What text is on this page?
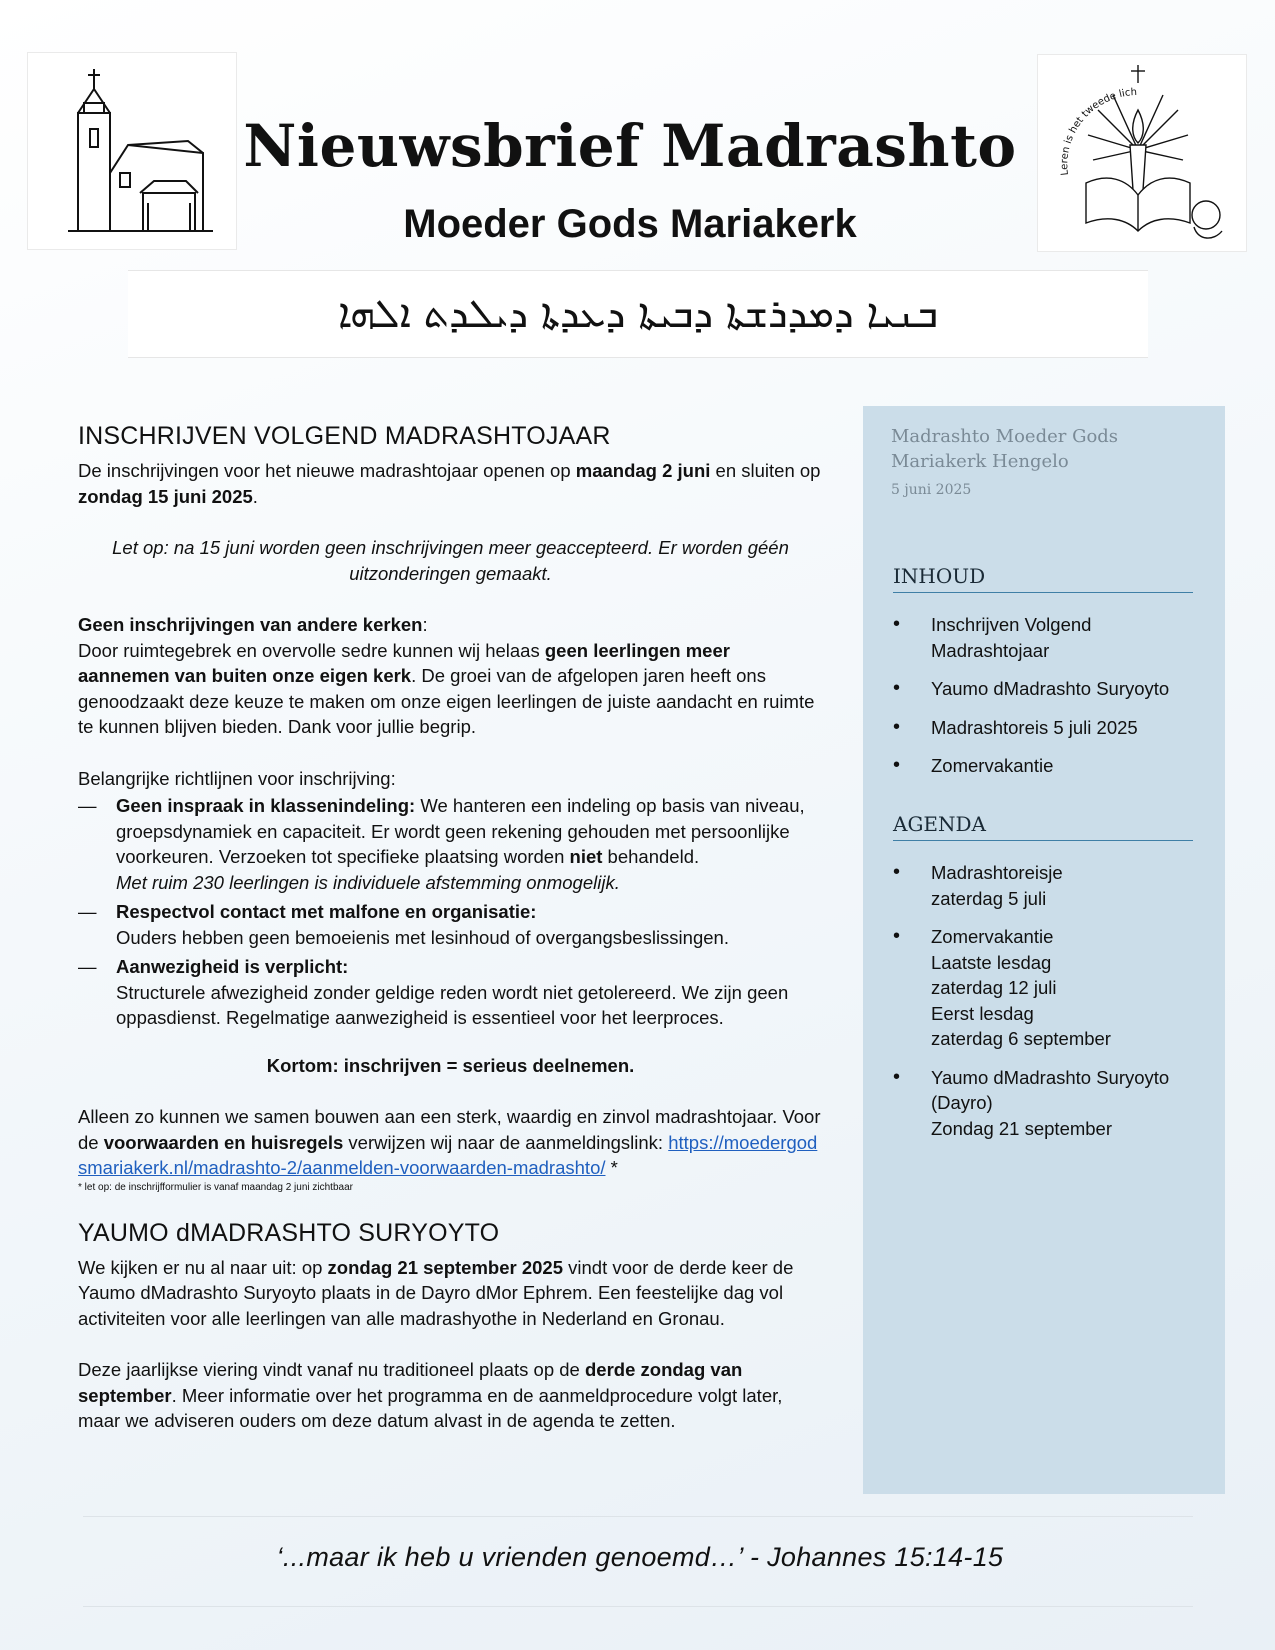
Nieuwsbrief Madrashto
Moeder Gods Mariakerk
Leren is het tweede lich
ܒܢܝܐ ܕܡܕܪܫܬܐ ܕܒܝܬܐ ܕܥܕܬܐ ܕܝܠܕܬ ܐܠܗܐ
INSCHRIJVEN VOLGEND MADRASHTOJAAR

De inschrijvingen voor het nieuwe madrashtojaar openen op maandag 2 juni en sluiten op zondag 15 juni 2025.

Let op: na 15 juni worden geen inschrijvingen meer geaccepteerd. Er worden géén uitzonderingen gemaakt.

Geen inschrijvingen van andere kerken:
Door ruimtegebrek en overvolle sedre kunnen wij helaas geen leerlingen meer aannemen van buiten onze eigen kerk. De groei van de afgelopen jaren heeft ons genoodzaakt deze keuze te maken om onze eigen leerlingen de juiste aandacht en ruimte te kunnen blijven bieden. Dank voor jullie begrip.

Belangrijke richtlijnen voor inschrijving:

— Geen inspraak in klassenindeling: We hanteren een indeling op basis van niveau, groepsdynamiek en capaciteit. Er wordt geen rekening gehouden met persoonlijke voorkeuren. Verzoeken tot specifieke plaatsing worden niet behandeld.
Met ruim 230 leerlingen is individuele afstemming onmogelijk.
— Respectvol contact met malfone en organisatie:
Ouders hebben geen bemoeienis met lesinhoud of overgangsbeslissingen.
— Aanwezigheid is verplicht:
Structurele afwezigheid zonder geldige reden wordt niet getolereerd. We zijn geen oppasdienst. Regelmatige aanwezigheid is essentieel voor het leerproces.

Kortom: inschrijven = serieus deelnemen.

Alleen zo kunnen we samen bouwen aan een sterk, waardig en zinvol madrashtojaar. Voor de voorwaarden en huisregels verwijzen wij naar de aanmeldingslink: https://moedergodsmariakerk.nl/madrashto-2/aanmelden-voorwaarden-madrashto/ *

* let op: de inschrijfformulier is vanaf maandag 2 juni zichtbaar

YAUMO dMADRASHTO SURYOYTO

We kijken er nu al naar uit: op zondag 21 september 2025 vindt voor de derde keer de Yaumo dMadrashto Suryoyto plaats in de Dayro dMor Ephrem. Een feestelijke dag vol activiteiten voor alle leerlingen van alle madrashyothe in Nederland en Gronau.

Deze jaarlijkse viering vindt vanaf nu traditioneel plaats op de derde zondag van september. Meer informatie over het programma en de aanmeldprocedure volgt later, maar we adviseren ouders om deze datum alvast in de agenda te zetten.

Madrashto Moeder Gods Mariakerk Hengelo
5 juni 2025
INHOUD
• Inschrijven Volgend Madrashtojaar
• Yaumo dMadrashto Suryoyto
• Madrashtoreis 5 juli 2025
• Zomervakantie
AGENDA
• Madrashtoreisje
zaterdag 5 juli
• Zomervakantie
Laatste lesdag
zaterdag 12 juli
Eerst lesdag
zaterdag 6 september
• Yaumo dMadrashto Suryoyto
(Dayro)
Zondag 21 september
‘...maar ik heb u vrienden genoemd…’ - Johannes 15:14-15
